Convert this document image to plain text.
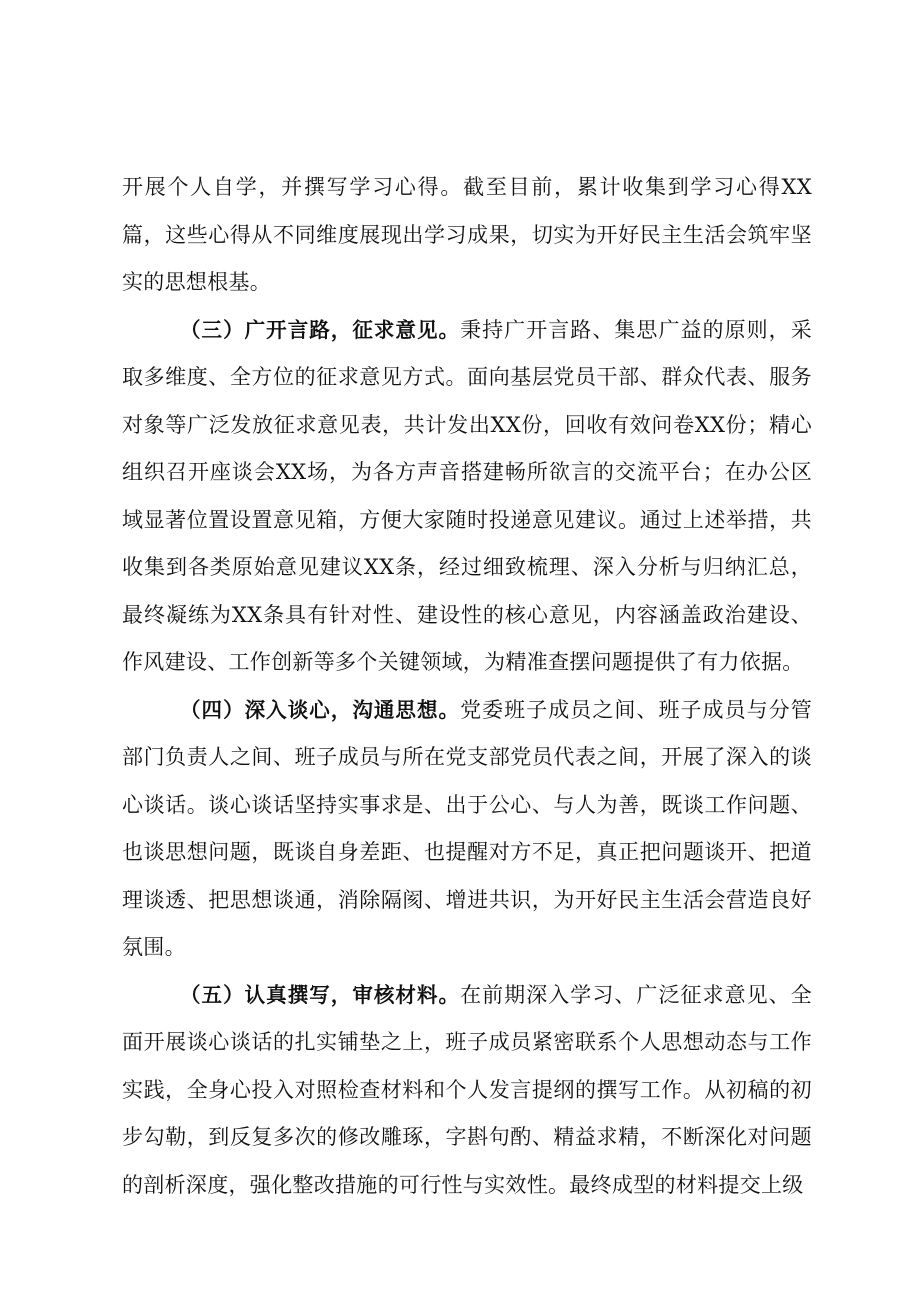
开展个人自学，并撰写学习心得。截至目前，累计收集到学习心得XX篇，这些心得从不同维度展现出学习成果，切实为开好民主生活会筑牢坚实的思想根基。

（三）广开言路，征求意见。秉持广开言路、集思广益的原则，采取多维度、全方位的征求意见方式。面向基层党员干部、群众代表、服务对象等广泛发放征求意见表，共计发出XX份，回收有效问卷XX份；精心组织召开座谈会XX场，为各方声音搭建畅所欲言的交流平台；在办公区域显著位置设置意见箱，方便大家随时投递意见建议。通过上述举措，共收集到各类原始意见建议XX条，经过细致梳理、深入分析与归纳汇总，最终凝练为XX条具有针对性、建设性的核心意见，内容涵盖政治建设、作风建设、工作创新等多个关键领域，为精准查摆问题提供了有力依据。

（四）深入谈心，沟通思想。党委班子成员之间、班子成员与分管部门负责人之间、班子成员与所在党支部党员代表之间，开展了深入的谈心谈话。谈心谈话坚持实事求是、出于公心、与人为善，既谈工作问题、也谈思想问题，既谈自身差距、也提醒对方不足，真正把问题谈开、把道理谈透、把思想谈通，消除隔阂、增进共识，为开好民主生活会营造良好氛围。

（五）认真撰写，审核材料。在前期深入学习、广泛征求意见、全面开展谈心谈话的扎实铺垫之上，班子成员紧密联系个人思想动态与工作实践，全身心投入对照检查材料和个人发言提纲的撰写工作。从初稿的初步勾勒，到反复多次的修改雕琢，字斟句酌、精益求精，不断深化对问题的剖析深度，强化整改措施的可行性与实效性。最终成型的材料提交上级
